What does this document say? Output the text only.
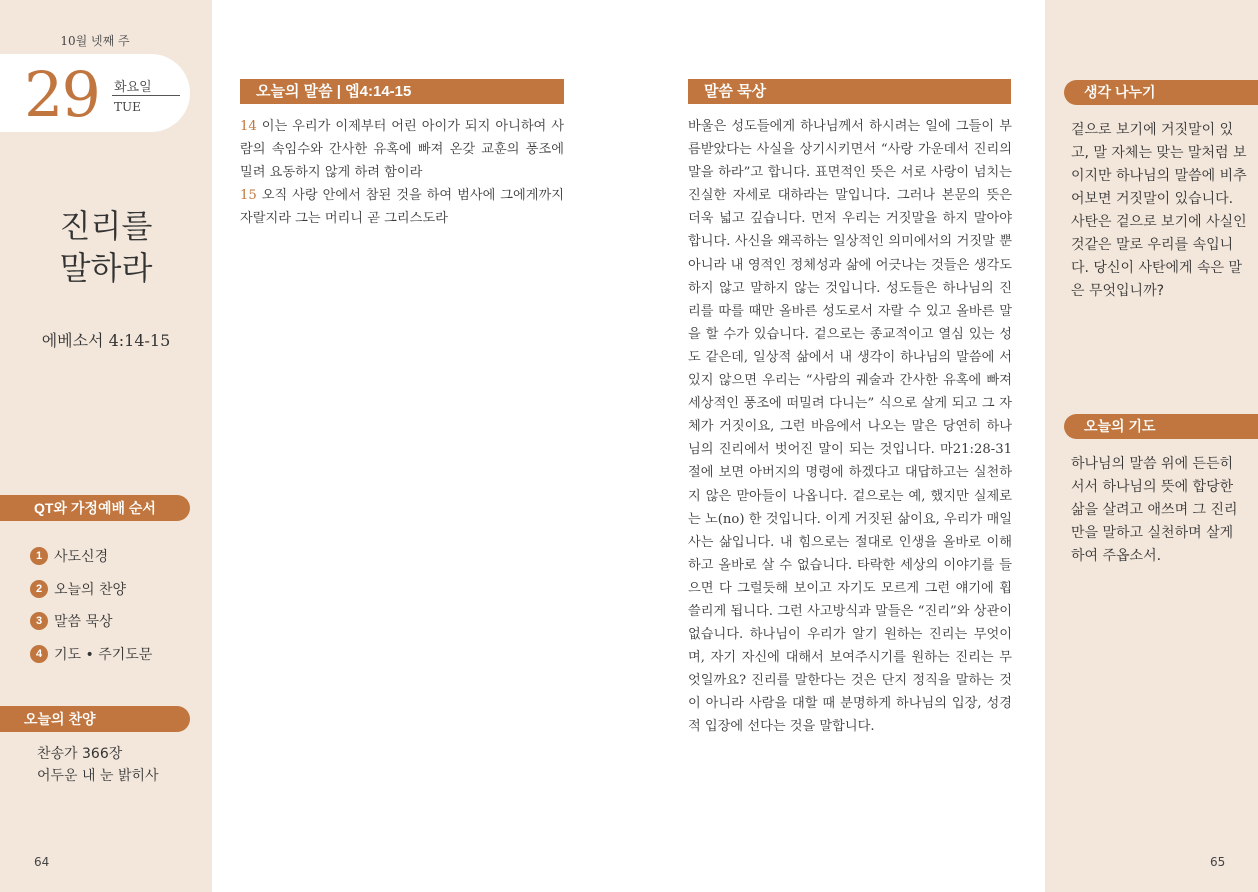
10월 넷째 주
29 화요일
TUE
진리를
말하라
에베소서 4:14-15
QT와 가정예배 순서
1 사도신경
2 오늘의 찬양
3 말씀 묵상
4 기도 • 주기도문
오늘의 찬양
찬송가 366장
어두운 내 눈 밝히사
64
오늘의 말씀 | 엡4:14-15
14 이는 우리가 이제부터 어린 아이가 되지 아니하여 사람의 속임수와 간사한 유혹에 빠져 온갖 교훈의 풍조에 밀려 요동하지 않게 하려 함이라
15 오직 사랑 안에서 참된 것을 하여 범사에 그에게까지 자랄지라 그는 머리니 곧 그리스도라
말씀 묵상
바울은 성도들에게 하나님께서 하시려는 일에 그들이 부름받았다는 사실을 상기시키면서 “사랑 가운데서 진리의 말을 하라”고 합니다. 표면적인 뜻은 서로 사랑이 넘치는 진실한 자세로 대하라는 말입니다. 그러나 본문의 뜻은 더욱 넓고 깊습니다. 먼저 우리는 거짓말을 하지 말아야 합니다. 사신을 왜곡하는 일상적인 의미에서의 거짓말 뿐 아니라 내 영적인 정체성과 삶에 어긋나는 것들은 생각도 하지 않고 말하지 않는 것입니다. 성도들은 하나님의 진리를 따를 때만 올바른 성도로서 자랄 수 있고 올바른 말을 할 수가 있습니다. 겉으로는 종교적이고 열심 있는 성도 같은데, 일상적 삶에서 내 생각이 하나님의 말씀에 서 있지 않으면 우리는 “사람의 궤술과 간사한 유혹에 빠져 세상적인 풍조에 떠밀려 다니는” 식으로 살게 되고 그 자체가 거짓이요, 그런 바음에서 나오는 말은 당연히 하나님의 진리에서 벗어진 말이 되는 것입니다. 마21:28-31절에 보면 아버지의 명령에 하겠다고 대답하고는 실천하지 않은 맏아들이 나옵니다. 겉으로는 예, 했지만 실제로는 노(no) 한 것입니다. 이게 거짓된 삶이요, 우리가 매일 사는 삶입니다. 내 힘으로는 절대로 인생을 올바로 이해하고 올바로 살 수 없습니다. 타락한 세상의 이야기를 들으면 다 그럴듯해 보이고 자기도 모르게 그런 얘기에 휩쓸리게 됩니다. 그런 사고방식과 말들은 “진리”와 상관이 없습니다. 하나님이 우리가 알기 원하는 진리는 무엇이며, 자기 자신에 대해서 보여주시기를 원하는 진리는 무엇일까요? 진리를 말한다는 것은 단지 정직을 말하는 것이 아니라 사람을 대할 때 분명하게 하나님의 입장, 성경적 입장에 선다는 것을 말합니다.
생각 나누기
겉으로 보기에 거짓말이 있고, 말 자체는 맞는 말처럼 보이지만 하나님의 말씀에 비추어보면 거짓말이 있습니다. 사탄은 겉으로 보기에 사실인 것같은 말로 우리를 속입니다. 당신이 사탄에게 속은 말은 무엇입니까?
오늘의 기도
하나님의 말씀 위에 든든히 서서 하나님의 뜻에 합당한 삶을 살려고 애쓰며 그 진리만을 말하고 실천하며 살게 하여 주옵소서.
65
